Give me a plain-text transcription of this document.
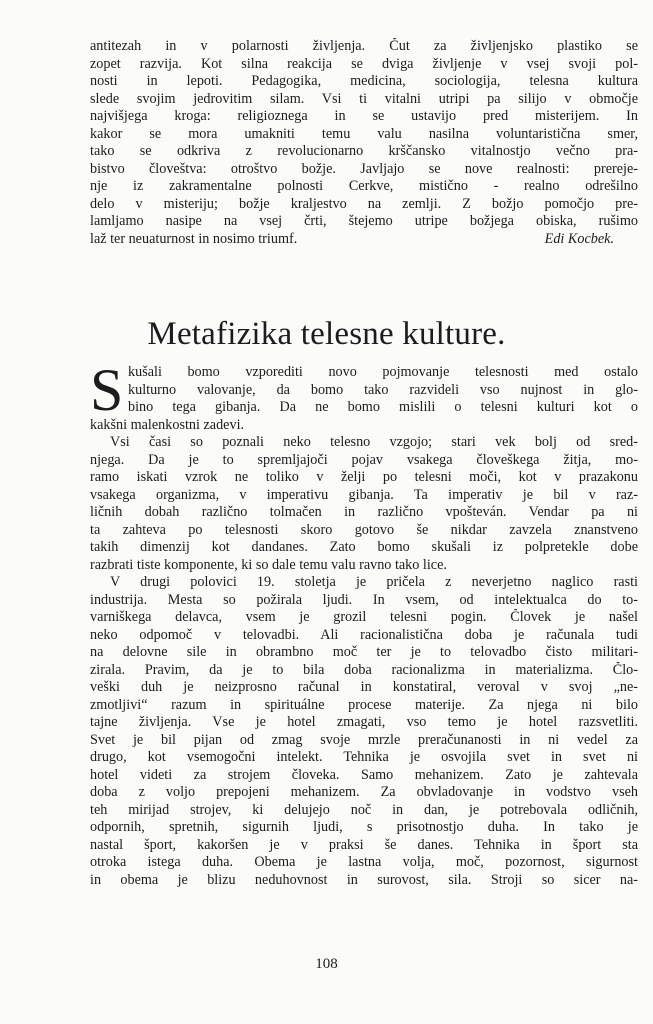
antitezah in v polarnosti življenja. Čut za življenjsko plastiko se
zopet razvija. Kot silna reakcija se dviga življenje v vsej svoji pol-
nosti in lepoti. Pedagogika, medicina, sociologija, telesna kultura
slede svojim jedrovitim silam. Vsi ti vitalni utripi pa silijo v območje
najvišjega kroga: religioznega in se ustavijo pred misterijem. In
kakor se mora umakniti temu valu nasilna voluntaristična smer,
tako se odkriva z revolucionarno krščansko vitalnostjo večno pra-
bistvo človeštva: otroštvo božje. Javljajo se nove realnosti: prereje-
nje iz zakramentalne polnosti Cerkve, mistično - realno odrešilno
delo v misteriju; božje kraljestvo na zemlji. Z božjo pomočjo pre-
lamljamo nasipe na vsej črti, štejemo utripe božjega obiska, rušimo
laž ter neuaturnost in nosimo triumf.	Edi Kocbek.
Metafizika telesne kulture.
S kušali bomo vzporediti novo pojmovanje telesnosti med ostalo
kulturno valovanje, da bomo tako razvideli vso nujnost in glo-
bino tega gibanja. Da ne bomo mislili o telesni kulturi kot o
kakšni malenkostni zadevi.
Vsi časi so poznali neko telesno vzgojo; stari vek bolj od sred-
njega. Da je to spremljajoči pojav vsakega človeškega žitja, mo-
ramo iskati vzrok ne toliko v želji po telesni moči, kot v prazakonu
vsakega organizma, v imperativu gibanja. Ta imperativ je bil v raz-
ličnih dobah različno tolmačen in različno vpošteván. Vendar pa ni
ta zahteva po telesnosti skoro gotovo še nikdar zavzela znanstveno
takih dimenzij kot dandanes. Zato bomo skušali iz polpretekle dobe
razbrati tiste komponente, ki so dale temu valu ravno tako lice.
V drugi polovici 19. stoletja je pričela z neverjetno naglico rasti
industrija. Mesta so požirala ljudi. In vsem, od intelektualca do to-
varniškega delavca, vsem je grozil telesni pogin. Človek je našel
neko odpomoč v telovadbi. Ali racionalistična doba je računala tudi
na delovne sile in obrambno moč ter je to telovadbo čisto militari-
zirala. Pravim, da je to bila doba racionalizma in materializma. Člo-
veški duh je neizprosno računal in konstatiral, veroval v svoj „ne-
zmotljivi“ razum in spirituálne procese materije. Za njega ni bilo
tajne življenja. Vse je hotel zmagati, vso temo je hotel razsvetliti.
Svet je bil pijan od zmag svoje mrzle preračunanosti in ni vedel za
drugo, kot vsemogočni intelekt. Tehnika je osvojila svet in svet ni
hotel videti za strojem človeka. Samo mehanizem. Zato je zahtevala
doba z voljo prepojeni mehanizem. Za obvladovanje in vodstvo vseh
teh mirijad strojev, ki delujejo noč in dan, je potrebovala odličnih,
odpornih, spretnih, sigurnih ljudi, s prisotnostjo duha. In tako je
nastal šport, kakoršen je v praksi še danes. Tehnika in šport sta
otroka istega duha. Obema je lastna volja, moč, pozornost, sigurnost
in obema je blizu neduhovnost in surovost, sila. Stroji so sicer na-
108
